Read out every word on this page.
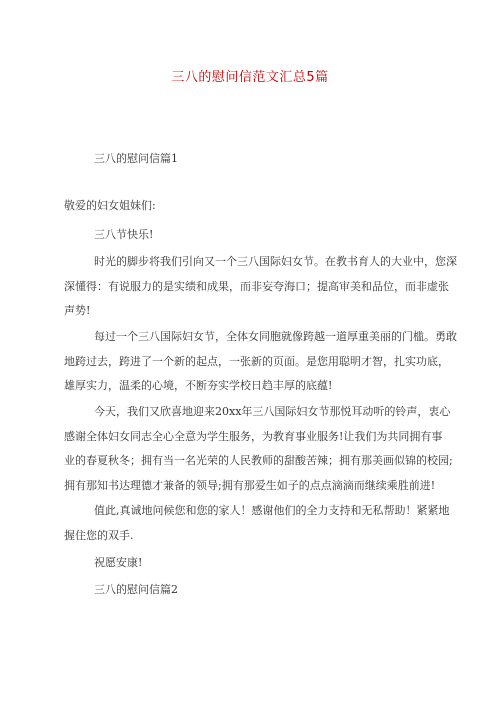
三八的慰问信范文汇总5篇
三八的慰问信篇1
敬爱的妇女姐妹们:
三八节快乐!
时光的脚步将我们引向又一个三八国际妇女节。在教书育人的大业中，您深
深懂得：有说服力的是实绩和成果，而非妄夸海口；提高审美和品位，而非虚张
声势!
每过一个三八国际妇女节，全体女同胞就像跨越一道厚重美丽的门槛。勇敢
地跨过去，跨进了一个新的起点，一张新的页面。是您用聪明才智，扎实功底，
雄厚实力，温柔的心境，不断夯实学校日趋丰厚的底蕴!
今天，我们又欣喜地迎来20xx年三八国际妇女节那悦耳动听的铃声，衷心
感谢全体妇女同志全心全意为学生服务，为教育事业服务!让我们为共同拥有事
业的春夏秋冬；拥有当一名光荣的人民教师的甜酸苦辣；拥有那美画似锦的校园;
拥有那知书达理德才兼备的领导;拥有那爱生如子的点点滴滴而继续乘胜前进!
值此,真诚地问候您和您的家人！感谢他们的全力支持和无私帮助！紧紧地
握住您的双手.
祝愿安康!
三八的慰问信篇2
